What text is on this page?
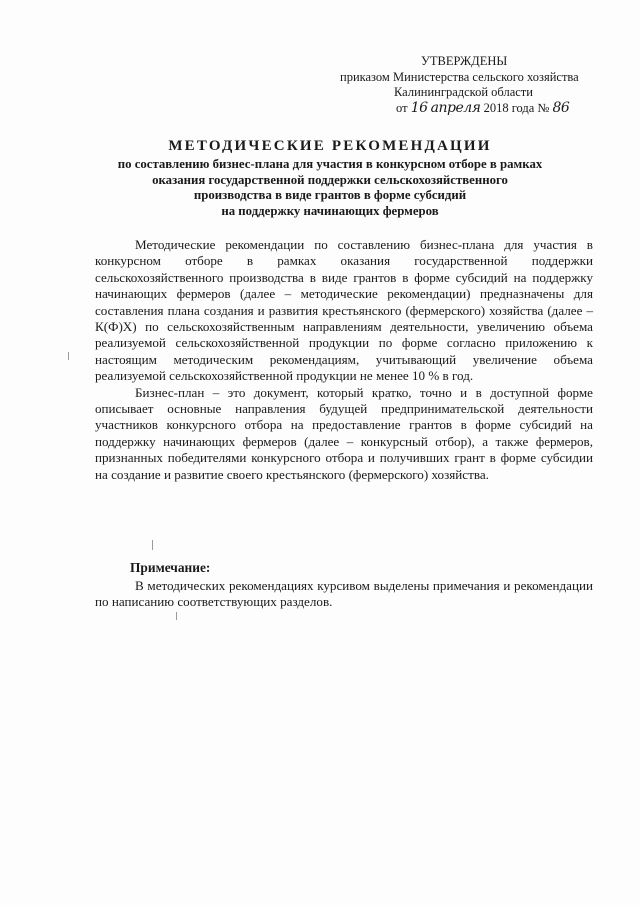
УТВЕРЖДЕНЫ
приказом Министерства сельского хозяйства
Калининградской области
от 16 апреля 2018 года № 86
МЕТОДИЧЕСКИЕ РЕКОМЕНДАЦИИ
по составлению бизнес-плана для участия в конкурсном отборе в рамках
оказания государственной поддержки сельскохозяйственного
производства в виде грантов в форме субсидий
на поддержку начинающих фермеров

Методические рекомендации по составлению бизнес-плана для участия в конкурсном отборе в рамках оказания государственной поддержки сельскохозяйственного производства в виде грантов в форме субсидий на поддержку начинающих фермеров (далее – методические рекомендации) предназначены для составления плана создания и развития крестьянского (фермерского) хозяйства (далее – К(Ф)Х) по сельскохозяйственным направлениям деятельности, увеличению объема реализуемой сельскохозяйственной продукции по форме согласно приложению к настоящим методическим рекомендациям, учитывающий увеличение объема реализуемой сельскохозяйственной продукции не менее 10 % в год.

Бизнес-план – это документ, который кратко, точно и в доступной форме описывает основные направления будущей предпринимательской деятельности участников конкурсного отбора на предоставление грантов в форме субсидий на поддержку начинающих фермеров (далее – конкурсный отбор), а также фермеров, признанных победителями конкурсного отбора и получивших грант в форме субсидии на создание и развитие своего крестьянского (фермерского) хозяйства.

Примечание:

В методических рекомендациях курсивом выделены примечания и рекомендации по написанию соответствующих разделов.
